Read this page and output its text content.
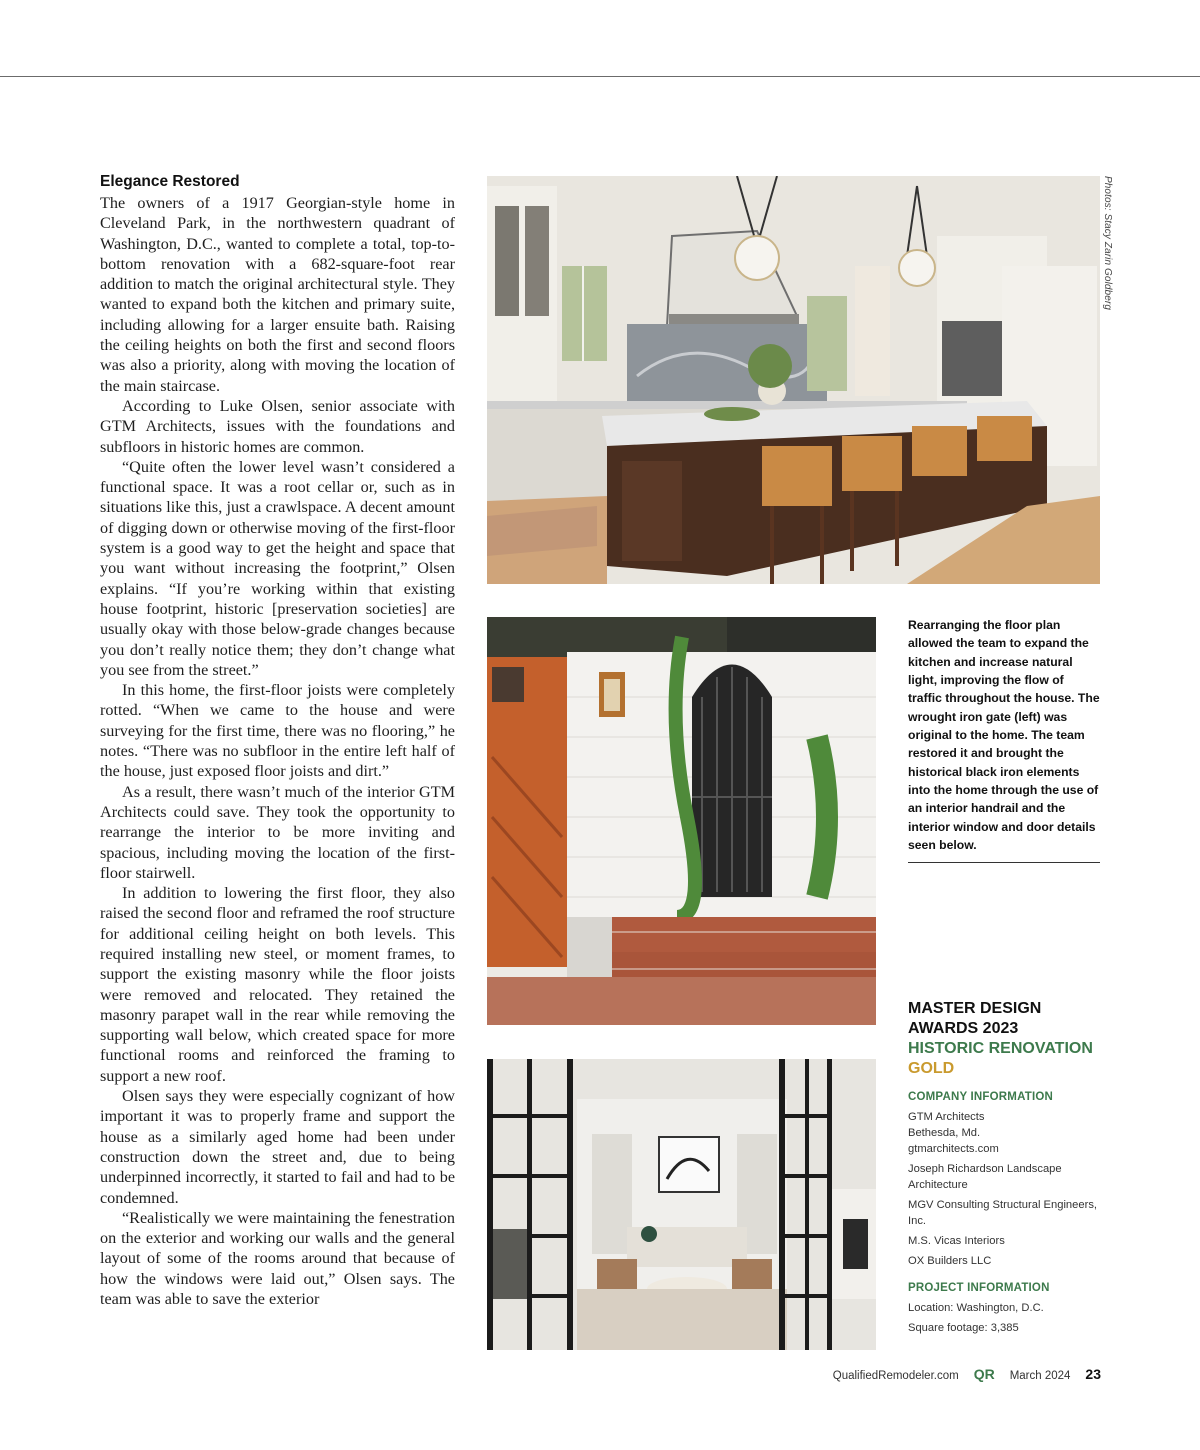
Elegance Restored

The owners of a 1917 Georgian-style home in Cleveland Park, in the northwestern quadrant of Washington, D.C., wanted to complete a total, top-to-bottom renovation with a 682-square-foot rear addition to match the original architectural style. They wanted to expand both the kitchen and primary suite, including allowing for a larger ensuite bath. Raising the ceiling heights on both the first and second floors was also a priority, along with moving the location of the main staircase.

According to Luke Olsen, senior associate with GTM Architects, issues with the foundations and subfloors in historic homes are common.

“Quite often the lower level wasn’t considered a functional space. It was a root cellar or, such as in situations like this, just a crawlspace. A decent amount of digging down or otherwise moving of the first-floor system is a good way to get the height and space that you want without increasing the footprint,” Olsen explains. “If you’re working within that existing house footprint, historic [preservation societies] are usually okay with those below-grade changes because you don’t really notice them; they don’t change what you see from the street.”

In this home, the first-floor joists were completely rotted. “When we came to the house and were surveying for the first time, there was no flooring,” he notes. “There was no subfloor in the entire left half of the house, just exposed floor joists and dirt.”

As a result, there wasn’t much of the interior GTM Architects could save. They took the opportunity to rearrange the interior to be more inviting and spacious, including moving the location of the first-floor stairwell.

In addition to lowering the first floor, they also raised the second floor and reframed the roof structure for additional ceiling height on both levels. This required installing new steel, or moment frames, to support the existing masonry while the floor joists were removed and relocated. They retained the masonry parapet wall in the rear while removing the supporting wall below, which created space for more functional rooms and reinforced the framing to support a new roof.

Olsen says they were especially cognizant of how important it was to properly frame and support the house as a similarly aged home had been under construction down the street and, due to being underpinned incorrectly, it started to fail and had to be condemned.

“Realistically we were maintaining the fenestration on the exterior and working our walls and the general layout of some of the rooms around that because of how the windows were laid out,” Olsen says. The team was able to save the exterior

Photos: Stacy Zarin Goldberg
Rearranging the floor plan allowed the team to expand the kitchen and increase natural light, improving the flow of traffic throughout the house. The wrought iron gate (left) was original to the home. The team restored it and brought the historical black iron elements into the home through the use of an interior handrail and the interior window and door details seen below.
MASTER DESIGN
AWARDS 2023
HISTORIC RENOVATION
GOLD
COMPANY INFORMATION
GTM Architects
Bethesda, Md.
gtmarchitects.com
Joseph Richardson Landscape Architecture
MGV Consulting Structural Engineers, Inc.
M.S. Vicas Interiors
OX Builders LLC
PROJECT INFORMATION
Location: Washington, D.C.
Square footage: 3,385
QualifiedRemodeler.com QR March 2024 23
